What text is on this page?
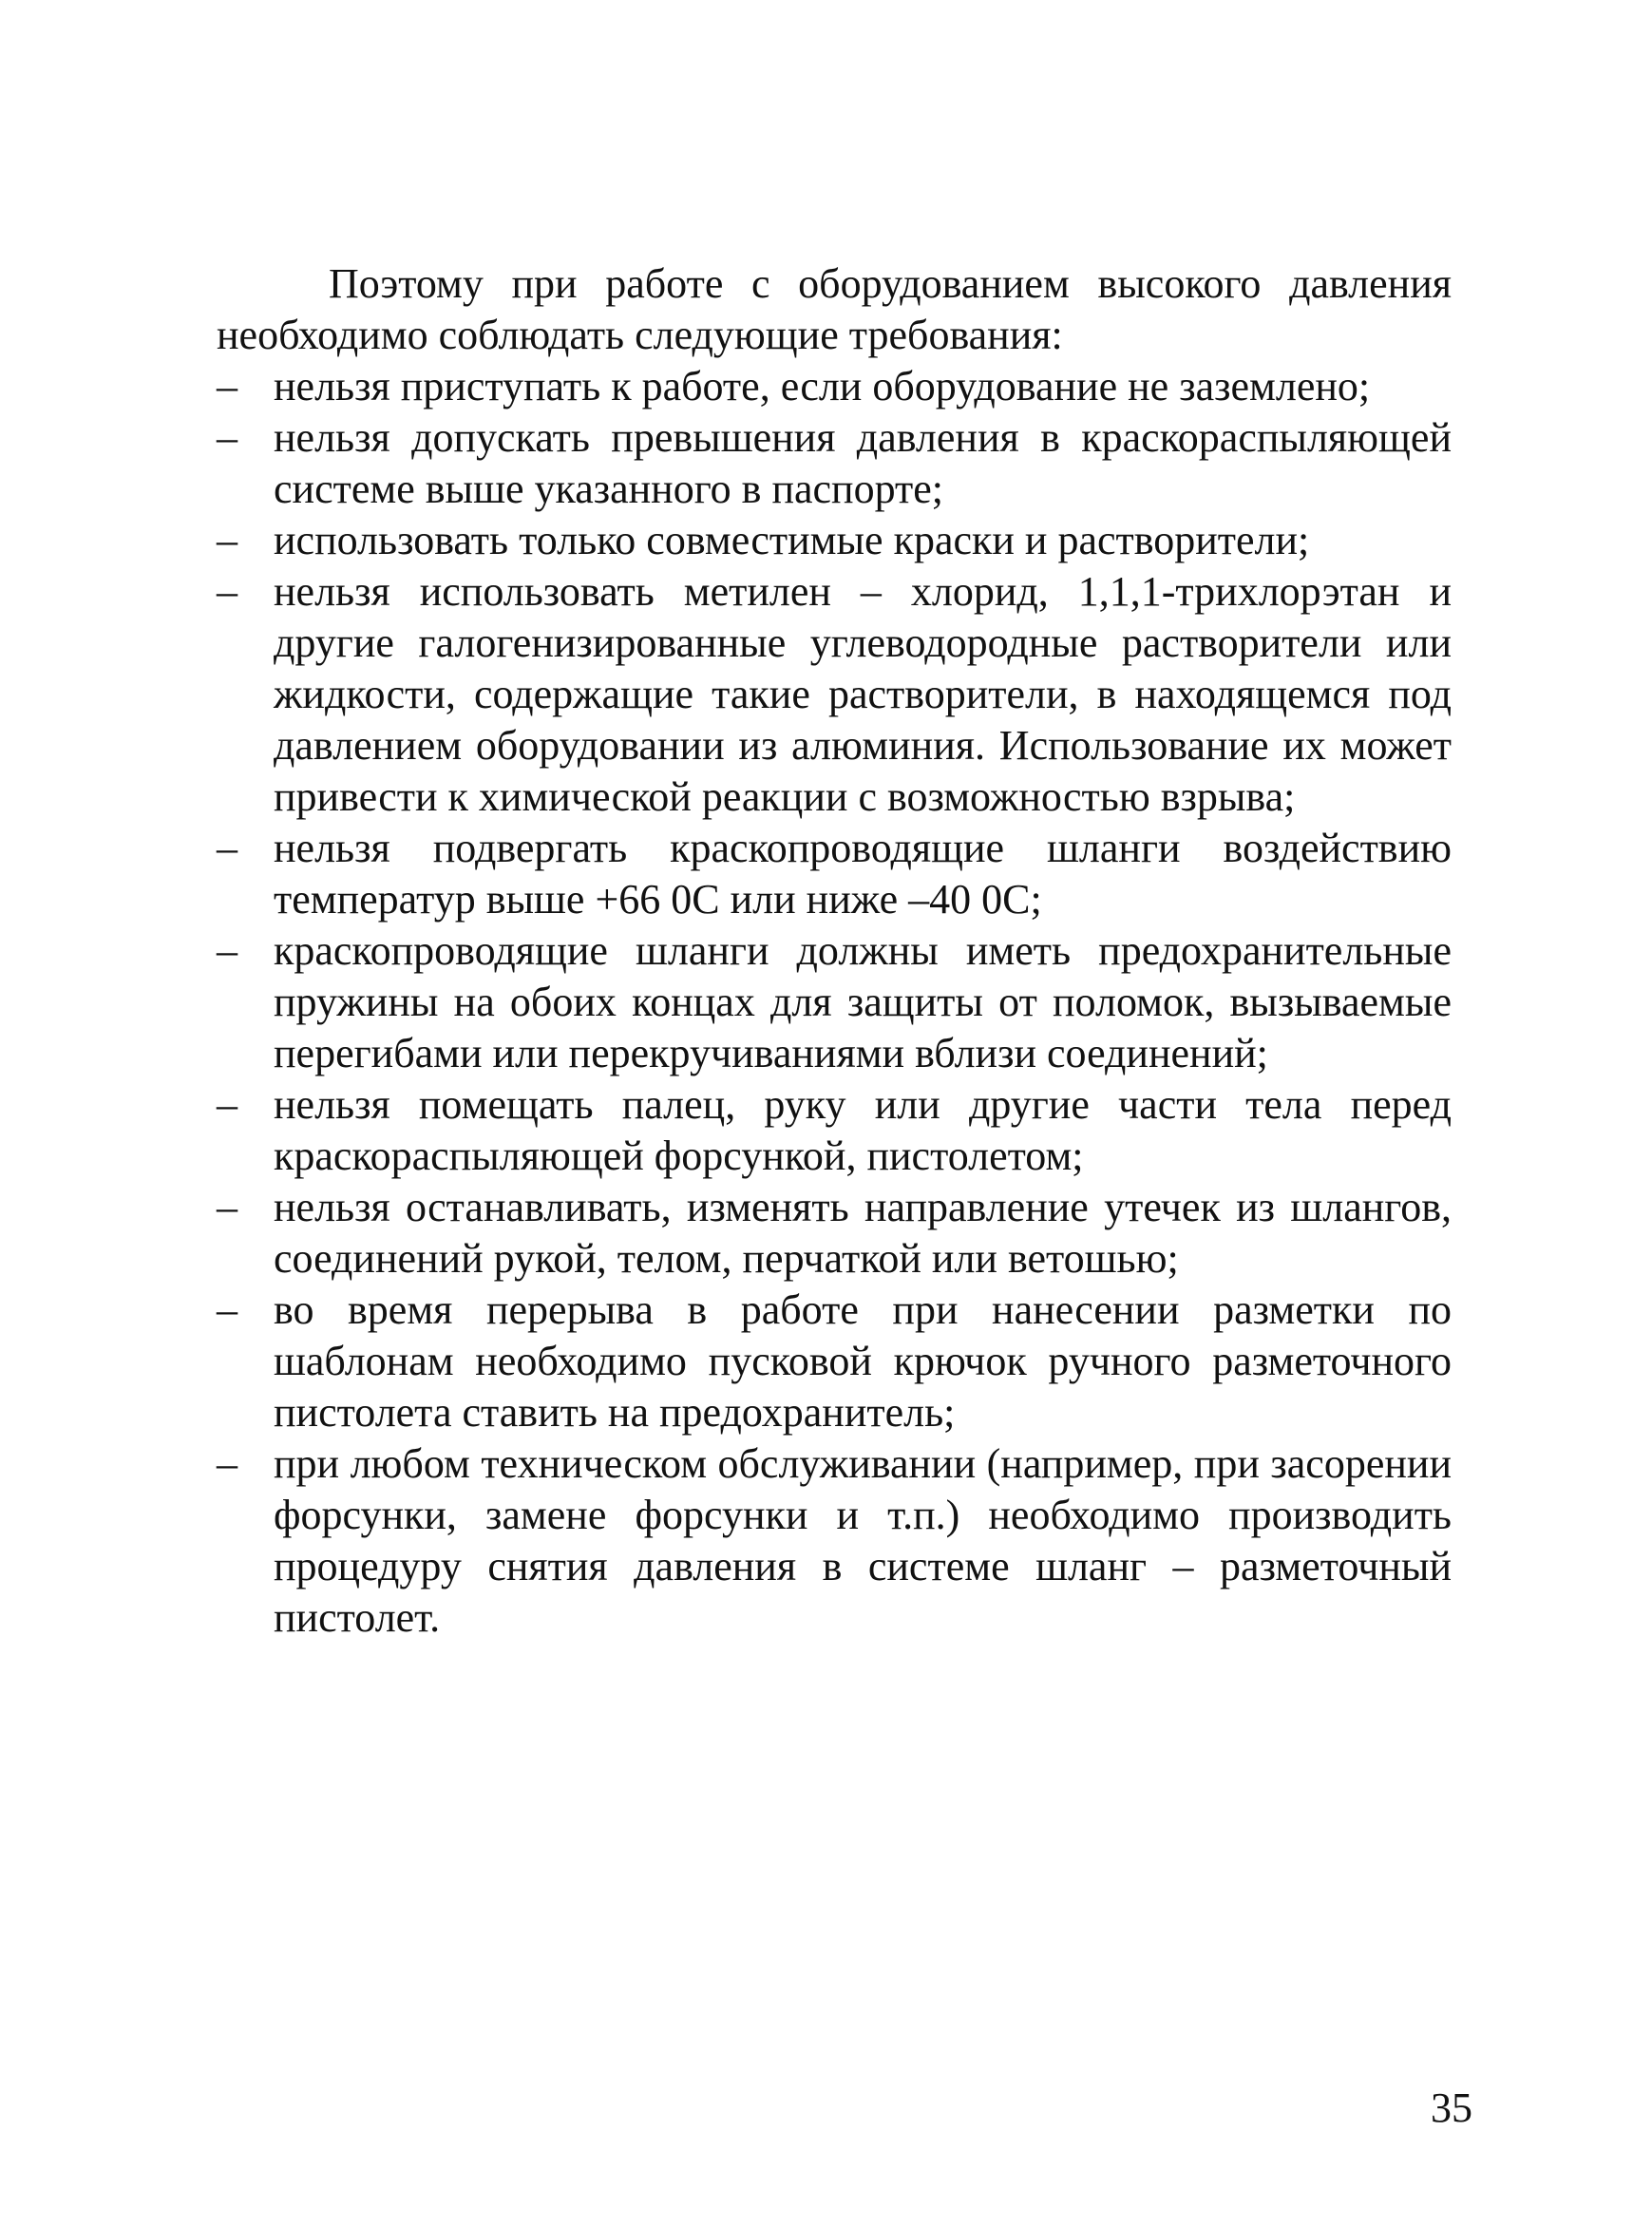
Поэтому при работе с оборудованием высокого давления необходимо соблюдать следующие требования:

– нельзя приступать к работе, если оборудование не заземлено;
– нельзя допускать превышения давления в краскораспыляющей системе выше указанного в паспорте;
– использовать только совместимые краски и растворители;
– нельзя использовать метилен – хлорид, 1,1,1-трихлорэтан и другие галогенизированные углеводородные растворители или жидкости, содержащие такие растворители, в находящемся под давлением оборудовании из алюминия. Использование их может привести к химической реакции с возможностью взрыва;
– нельзя подвергать краскопроводящие шланги воздействию температур выше +66 0С или ниже –40 0С;
– краскопроводящие шланги должны иметь предохранительные пружины на обоих концах для защиты от поломок, вызываемые перегибами или перекручиваниями вблизи соединений;
– нельзя помещать палец, руку или другие части тела перед краскораспыляющей форсункой, пистолетом;
– нельзя останавливать, изменять направление утечек из шлангов, соединений рукой, телом, перчаткой или ветошью;
– во время перерыва в работе при нанесении разметки по шаблонам необходимо пусковой крючок ручного разметочного пистолета ставить на предохранитель;
– при любом техническом обслуживании (например, при засорении форсунки, замене форсунки и т.п.) необходимо производить процедуру снятия давления в системе шланг – разметочный пистолет.
35
